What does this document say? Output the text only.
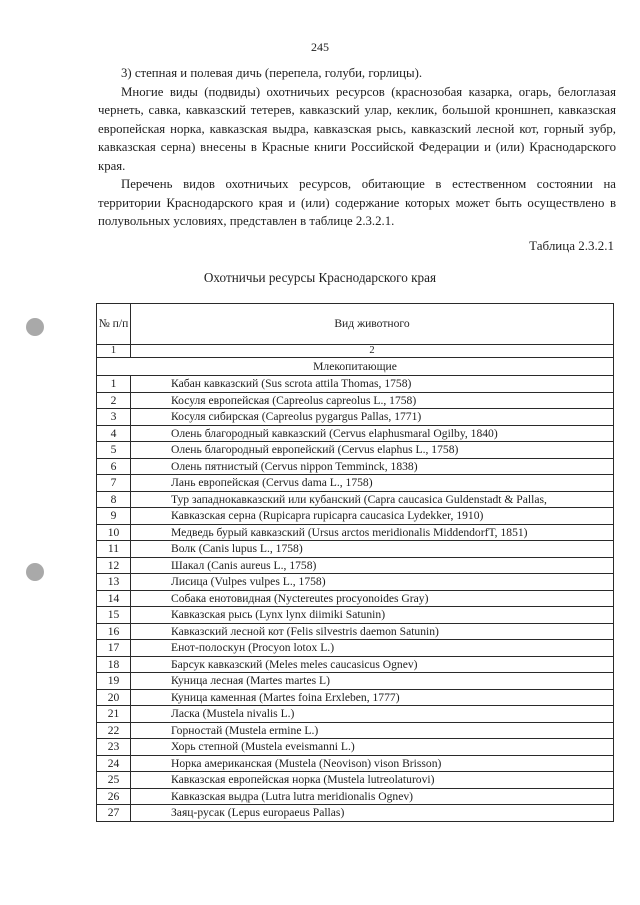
245

3) степная и полевая дичь (перепела, голуби, горлицы).

Многие виды (подвиды) охотничьих ресурсов (краснозобая казарка, огарь, белоглазая чернеть, савка, кавказский тетерев, кавказский улар, кеклик, большой кроншнеп, кавказская европейская норка, кавказская выдра, кавказская рысь, кавказский лесной кот, горный зубр, кавказская серна) внесены в Красные книги Российской Федерации и (или) Краснодарского края.

Перечень видов охотничьих ресурсов, обитающие в естественном состоянии на территории Краснодарского края и (или) содержание которых может быть осуществлено в полувольных условиях, представлен в таблице 2.3.2.1.

Таблица 2.3.2.1
Охотничьи ресурсы Краснодарского края
№ п/п	Вид животного
1	2
Млекопитающие	
1	Кабан кавказский (Sus scrota attila Thomas, 1758)
2	Косуля европейская (Capreolus capreolus L., 1758)
3	Косуля сибирская (Capreolus pygargus Pallas, 1771)
4	Олень благородный кавказский (Cervus elaphusmaral Ogilby, 1840)
5	Олень благородный европейский (Cervus elaphus L., 1758)
6	Олень пятнистый (Cervus nippon Temminck, 1838)
7	Лань европейская (Cervus dama L., 1758)
8	Тур западнокавказский или кубанский (Capra caucasica Guldenstadt & Pallas,
9	Кавказская серна (Rupicapra rupicapra caucasica Lydekker, 1910)
10	Медведь бурый кавказский (Ursus arctos meridionalis MiddendorfT, 1851)
11	Волк (Canis lupus L., 1758)
12	Шакал (Canis aureus L., 1758)
13	Лисица (Vulpes vulpes L., 1758)
14	Собака енотовидная (Nyctereutes procyonoides Gray)
15	Кавказская рысь (Lynx lynx diimiki Satunin)
16	Кавказский лесной кот (Felis silvestris daemon Satunin)
17	Енот-полоскун (Procyon lotox L.)
18	Барсук кавказский (Meles meles caucasicus Ognev)
19	Куница лесная (Martes martes L)
20	Куница каменная (Martes foina Erxleben, 1777)
21	Ласка (Mustela nivalis L.)
22	Горностай (Mustela ermine L.)
23	Хорь степной (Mustela eveismanni L.)
24	Норка американская (Mustela (Neovison) vison Brisson)
25	Кавказская европейская норка (Mustela lutreolaturovi)
26	Кавказская выдра (Lutra lutra meridionalis Ognev)
27	Заяц-русак (Lepus europaeus Pallas)
